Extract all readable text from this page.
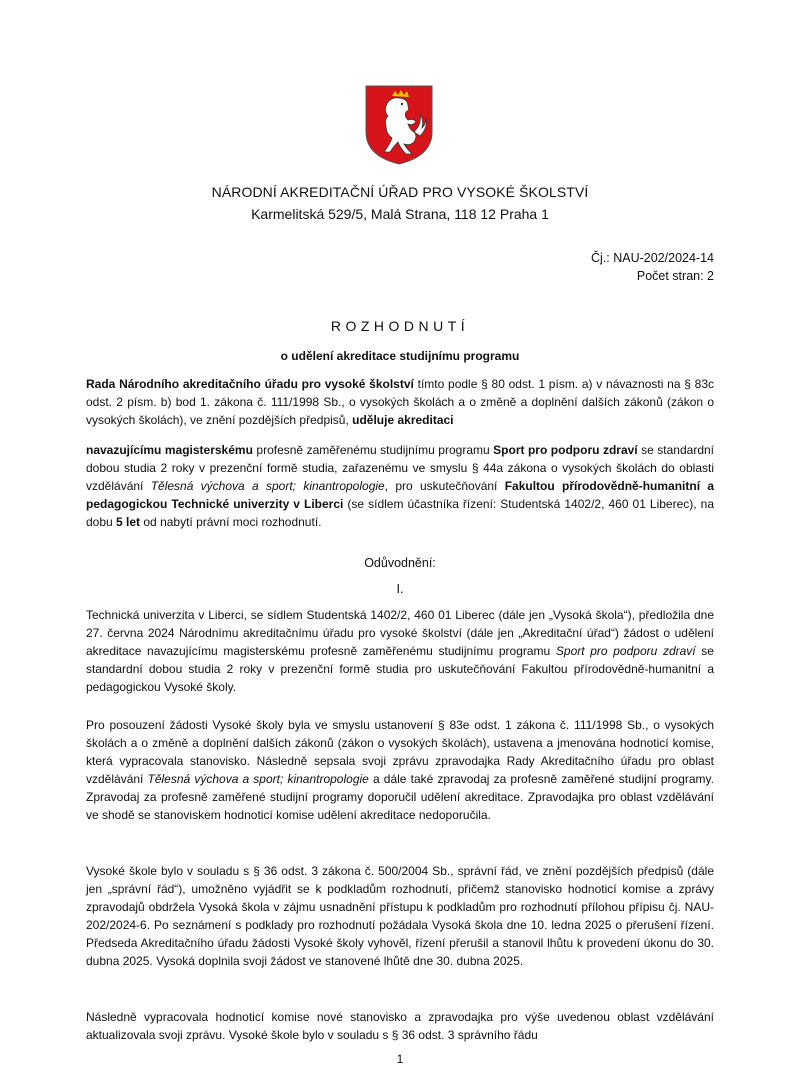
NÁRODNÍ AKREDITAČNÍ ÚŘAD PRO VYSOKÉ ŠKOLSTVÍ
Karmelitská 529/5, Malá Strana, 118 12 Praha 1
Čj.: NAU-202/2024-14
Počet stran: 2
ROZHODNUTÍ
o udělení akreditace studijnímu programu
Rada Národního akreditačního úřadu pro vysoké školství tímto podle § 80 odst. 1 písm. a) v návaznosti na § 83c odst. 2 písm. b) bod 1. zákona č. 111/1998 Sb., o vysokých školách a o změně a doplnění dalších zákonů (zákon o vysokých školách), ve znění pozdějších předpisů, uděluje akreditaci
navazujícímu magisterskému profesně zaměřenému studijnímu programu Sport pro podporu zdraví se standardní dobou studia 2 roky v prezenční formě studia, zařazenému ve smyslu § 44a zákona o vysokých školách do oblasti vzdělávání Tělesná výchova a sport; kinantropologie, pro uskutečňování Fakultou přírodovědně-humanitní a pedagogickou Technické univerzity v Liberci (se sídlem účastníka řízení: Studentská 1402/2, 460 01 Liberec), na dobu 5 let od nabytí právní moci rozhodnutí.
Odůvodnění:
I.
Technická univerzita v Liberci, se sídlem Studentská 1402/2, 460 01 Liberec (dále jen „Vysoká škola“), předložila dne 27. června 2024 Národnímu akreditačnímu úřadu pro vysoké školství (dále jen „Akreditační úřad“) žádost o udělení akreditace navazujícímu magisterskému profesně zaměřenému studijnímu programu Sport pro podporu zdraví se standardní dobou studia 2 roky v prezenční formě studia pro uskutečňování Fakultou přírodovědně-humanitní a pedagogickou Vysoké školy.
Pro posouzení žádosti Vysoké školy byla ve smyslu ustanovení § 83e odst. 1 zákona č. 111/1998 Sb., o vysokých školách a o změně a doplnění dalších zákonů (zákon o vysokých školách), ustavena a jmenována hodnoticí komise, která vypracovala stanovisko. Následně sepsala svoji zprávu zpravodajka Rady Akreditačního úřadu pro oblast vzdělávání Tělesná výchova a sport; kinantropologie a dále také zpravodaj za profesně zaměřené studijní programy. Zpravodaj za profesně zaměřené studijní programy doporučil udělení akreditace. Zpravodajka pro oblast vzdělávání ve shodě se stanoviskem hodnoticí komise udělení akreditace nedoporučila.
Vysoké škole bylo v souladu s § 36 odst. 3 zákona č. 500/2004 Sb., správní řád, ve znění pozdějších předpisů (dále jen „správní řád“), umožněno vyjádřit se k podkladům rozhodnutí, přičemž stanovisko hodnoticí komise a zprávy zpravodajů obdržela Vysoká škola v zájmu usnadnění přístupu k podkladům pro rozhodnutí přílohou přípisu čj. NAU-202/2024-6. Po seznámení s podklady pro rozhodnutí požádala Vysoká škola dne 10. ledna 2025 o přerušení řízení. Předseda Akreditačního úřadu žádosti Vysoké školy vyhověl, řízení přerušil a stanovil lhůtu k provedení úkonu do 30. dubna 2025. Vysoká doplnila svoji žádost ve stanovené lhůtě dne 30. dubna 2025.
Následně vypracovala hodnoticí komise nové stanovisko a zpravodajka pro výše uvedenou oblast vzdělávání aktualizovala svoji zprávu. Vysoké škole bylo v souladu s § 36 odst. 3 správního řádu
1
